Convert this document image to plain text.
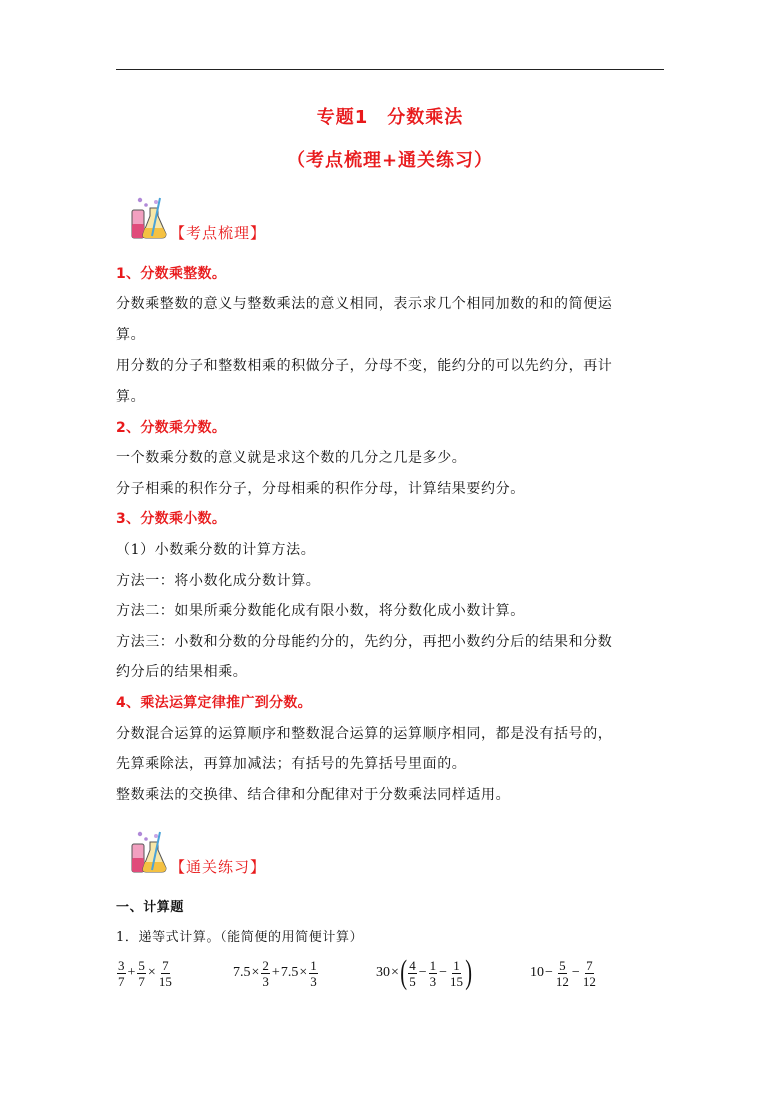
专题1　分数乘法
（考点梳理+通关练习）
【考点梳理】
1、分数乘整数。
分数乘整数的意义与整数乘法的意义相同，表示求几个相同加数的和的简便运
算。
用分数的分子和整数相乘的积做分子，分母不变，能约分的可以先约分，再计
算。
2、分数乘分数。
一个数乘分数的意义就是求这个数的几分之几是多少。
分子相乘的积作分子，分母相乘的积作分母，计算结果要约分。
3、分数乘小数。
（1）小数乘分数的计算方法。
方法一：将小数化成分数计算。
方法二：如果所乘分数能化成有限小数，将分数化成小数计算。
方法三：小数和分数的分母能约分的，先约分，再把小数约分后的结果和分数
约分后的结果相乘。
4、乘法运算定律推广到分数。
分数混合运算的运算顺序和整数混合运算的运算顺序相同，都是没有括号的，
先算乘除法，再算加减法；有括号的先算括号里面的。
整数乘法的交换律、结合律和分配律对于分数乘法同样适用。
【通关练习】
一、计算题
1．递等式计算。（能简便的用简便计算）
$\frac{3}{7} + \frac{5}{7} \times \frac{7}{15}$	$7.5 \times \frac{2}{3} + 7.5 \times \frac{1}{3}$	30 × ( $\frac{4}{5} - \frac{1}{3} - \frac{1}{15}$ )	$10 - \frac{5}{12} - \frac{7}{12}$
